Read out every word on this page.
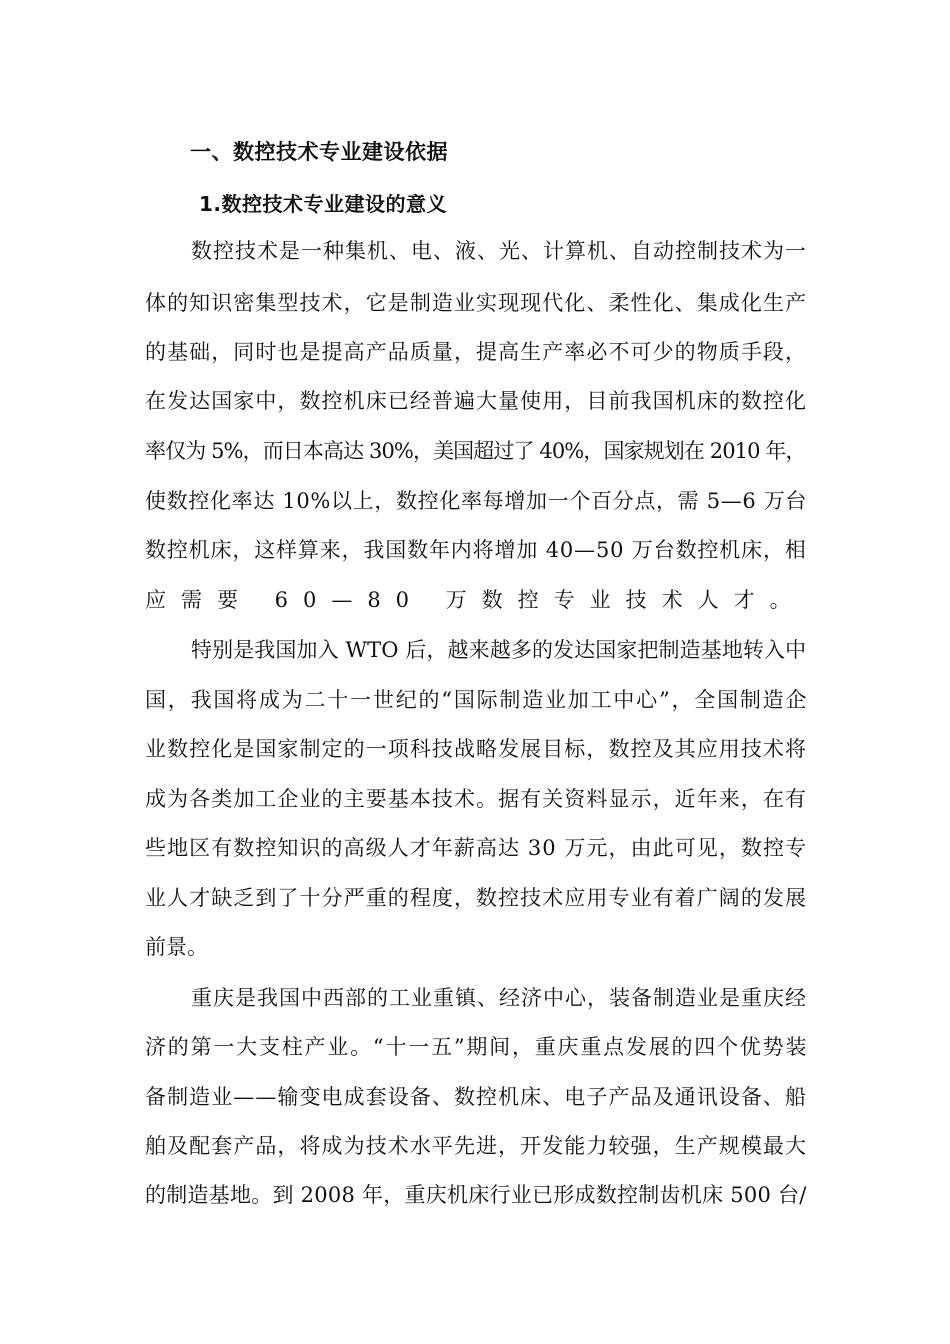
一、数控技术专业建设依据
1.数控技术专业建设的意义
数控技术是一种集机、电、液、光、计算机、自动控制技术为一
体的知识密集型技术，它是制造业实现现代化、柔性化、集成化生产
的基础，同时也是提高产品质量，提高生产率必不可少的物质手段，
在发达国家中，数控机床已经普遍大量使用，目前我国机床的数控化
率仅为 5%，而日本高达 30%，美国超过了 40%，国家规划在 2010 年，
使数控化率达 10%以上，数控化率每增加一个百分点，需 5—6 万台
数控机床，这样算来，我国数年内将增加 40—50 万台数控机床，相
应需要 60—80 万数控专业技术人才。
特别是我国加入 WTO 后，越来越多的发达国家把制造基地转入中
国，我国将成为二十一世纪的“国际制造业加工中心”，全国制造企
业数控化是国家制定的一项科技战略发展目标，数控及其应用技术将
成为各类加工企业的主要基本技术。据有关资料显示，近年来，在有
些地区有数控知识的高级人才年薪高达 30 万元，由此可见，数控专
业人才缺乏到了十分严重的程度，数控技术应用专业有着广阔的发展
前景。
重庆是我国中西部的工业重镇、经济中心，装备制造业是重庆经
济的第一大支柱产业。“十一五”期间，重庆重点发展的四个优势装
备制造业——输变电成套设备、数控机床、电子产品及通讯设备、船
舶及配套产品，将成为技术水平先进，开发能力较强，生产规模最大
的制造基地。到 2008 年，重庆机床行业已形成数控制齿机床 500 台/
